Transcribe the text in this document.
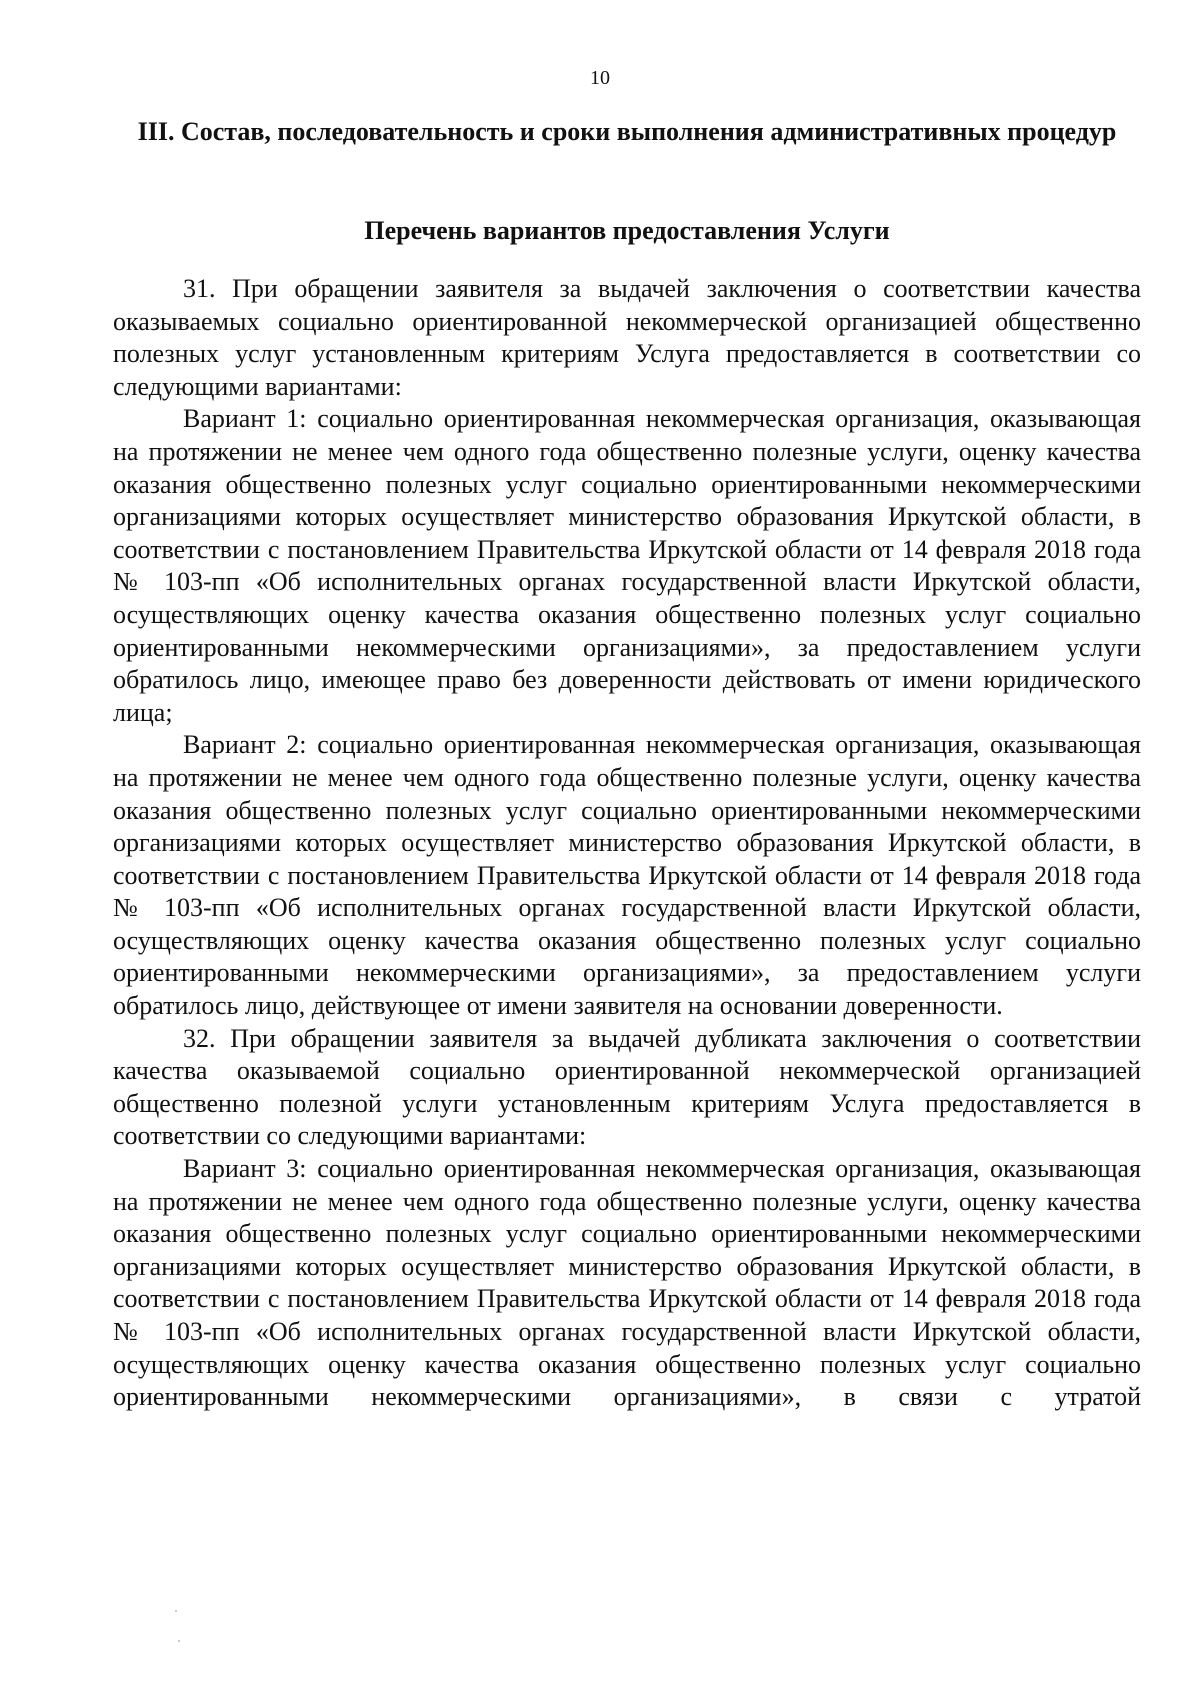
10
III. Состав, последовательность и сроки выполнения административных процедур
Перечень вариантов предоставления Услуги

31. При обращении заявителя за выдачей заключения о соответствии качества оказываемых социально ориентированной некоммерческой организацией общественно полезных услуг установленным критериям Услуга предоставляется в соответствии со следующими вариантами:

Вариант 1: социально ориентированная некоммерческая организация, оказывающая на протяжении не менее чем одного года общественно полезные услуги, оценку качества оказания общественно полезных услуг социально ориентированными некоммерческими организациями которых осуществляет министерство образования Иркутской области, в соответствии с постановлением Правительства Иркутской области от 14 февраля 2018 года № 103-пп «Об исполнительных органах государственной власти Иркутской области, осуществляющих оценку качества оказания общественно полезных услуг социально ориентированными некоммерческими организациями», за предоставлением услуги обратилось лицо, имеющее право без доверенности действовать от имени юридического лица;

Вариант 2: социально ориентированная некоммерческая организация, оказывающая на протяжении не менее чем одного года общественно полезные услуги, оценку качества оказания общественно полезных услуг социально ориентированными некоммерческими организациями которых осуществляет министерство образования Иркутской области, в соответствии с постановлением Правительства Иркутской области от 14 февраля 2018 года № 103-пп «Об исполнительных органах государственной власти Иркутской области, осуществляющих оценку качества оказания общественно полезных услуг социально ориентированными некоммерческими организациями», за предоставлением услуги обратилось лицо, действующее от имени заявителя на основании доверенности.

32. При обращении заявителя за выдачей дубликата заключения о соответствии качества оказываемой социально ориентированной некоммерческой организацией общественно полезной услуги установленным критериям Услуга предоставляется в соответствии со следующими вариантами:

Вариант 3: социально ориентированная некоммерческая организация, оказывающая на протяжении не менее чем одного года общественно полезные услуги, оценку качества оказания общественно полезных услуг социально ориентированными некоммерческими организациями которых осуществляет министерство образования Иркутской области, в соответствии с постановлением Правительства Иркутской области от 14 февраля 2018 года № 103-пп «Об исполнительных органах государственной власти Иркутской области, осуществляющих оценку качества оказания общественно полезных услуг социально ориентированными некоммерческими организациями», в связи с утратой
